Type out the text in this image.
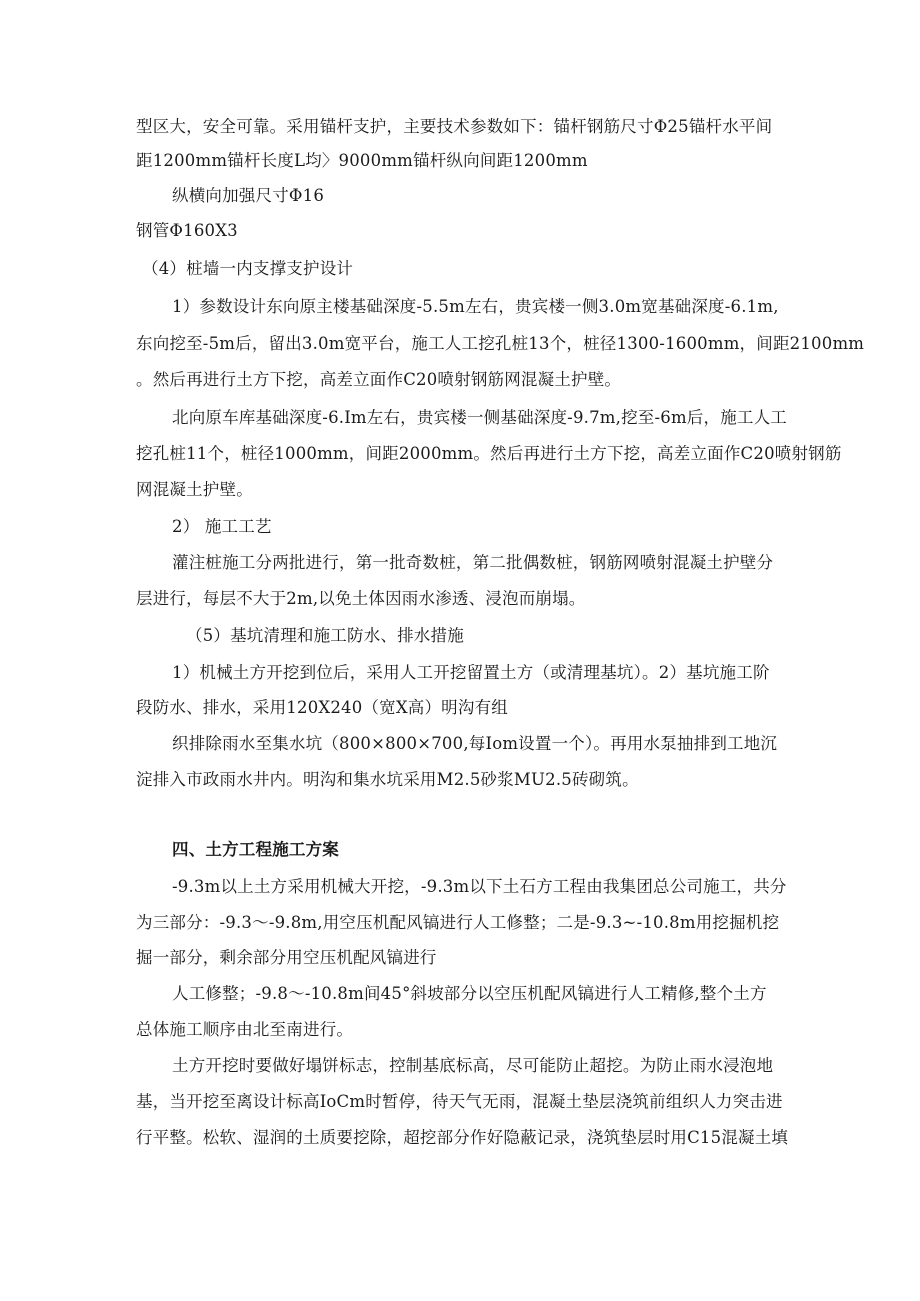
型区大，安全可靠。采用锚杆支护，主要技术参数如下：锚杆钢筋尺寸Φ25锚杆水平间
距1200mm锚杆长度L均〉9000mm锚杆纵向间距1200mm
纵横向加强尺寸Φ16
钢管Φ160X3
（4）桩墙一内支撑支护设计
1）参数设计东向原主楼基础深度-5.5m左右，贵宾楼一侧3.0m宽基础深度-6.1m,
东向挖至-5m后，留出3.0m宽平台，施工人工挖孔桩13个，桩径1300-1600mm，间距2100mm
。然后再进行土方下挖，高差立面作C20喷射钢筋网混凝土护壁。
北向原车库基础深度-6.Im左右，贵宾楼一侧基础深度-9.7m,挖至-6m后，施工人工
挖孔桩11个，桩径1000mm，间距2000mm。然后再进行土方下挖，高差立面作C20喷射钢筋
网混凝土护壁。
2） 施工工艺
灌注桩施工分两批进行，第一批奇数桩，第二批偶数桩，钢筋网喷射混凝土护壁分
层进行，每层不大于2m,以免土体因雨水渗透、浸泡而崩塌。
（5）基坑清理和施工防水、排水措施
1）机械土方开挖到位后，采用人工开挖留置土方（或清理基坑）。2）基坑施工阶
段防水、排水，采用120X240（宽X高）明沟有组
织排除雨水至集水坑（800×800×700,每Iom设置一个）。再用水泵抽排到工地沉
淀排入市政雨水井内。明沟和集水坑采用M2.5砂浆MU2.5砖砌筑。
四、土方工程施工方案
-9.3m以上土方采用机械大开挖，-9.3m以下土石方工程由我集团总公司施工，共分
为三部分：-9.3～-9.8m,用空压机配风镐进行人工修整；二是-9.3~-10.8m用挖掘机挖
掘一部分，剩余部分用空压机配风镐进行
人工修整；-9.8～-10.8m间45°斜坡部分以空压机配风镐进行人工精修,整个土方
总体施工顺序由北至南进行。
土方开挖时要做好塌饼标志，控制基底标高，尽可能防止超挖。为防止雨水浸泡地
基，当开挖至离设计标高IoCm时暂停，待天气无雨，混凝土垫层浇筑前组织人力突击进
行平整。松软、湿润的土质要挖除，超挖部分作好隐蔽记录，浇筑垫层时用C15混凝土填
